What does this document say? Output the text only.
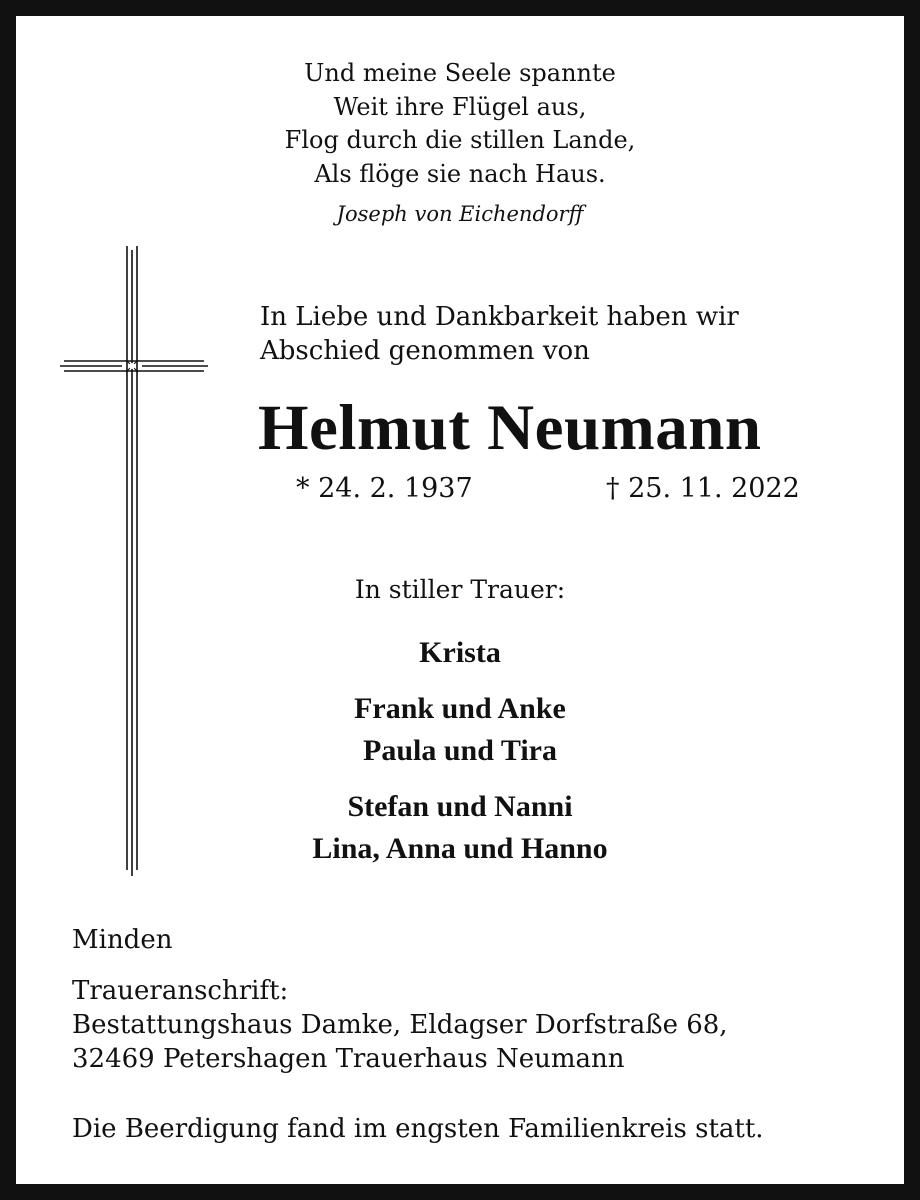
Und meine Seele spannte
Weit ihre Flügel aus,
Flog durch die stillen Lande,
Als flöge sie nach Haus.
Joseph von Eichendorff
In Liebe und Dankbarkeit haben wir
Abschied genommen von
Helmut Neumann
* 24. 2. 1937	† 25. 11. 2022
In stiller Trauer:
Krista
Frank und Anke
Paula und Tira
Stefan und Nanni
Lina, Anna und Hanno
Minden
Traueranschrift:
Bestattungshaus Damke, Eldagser Dorfstraße 68,
32469 Petershagen Trauerhaus Neumann
Die Beerdigung fand im engsten Familienkreis statt.
